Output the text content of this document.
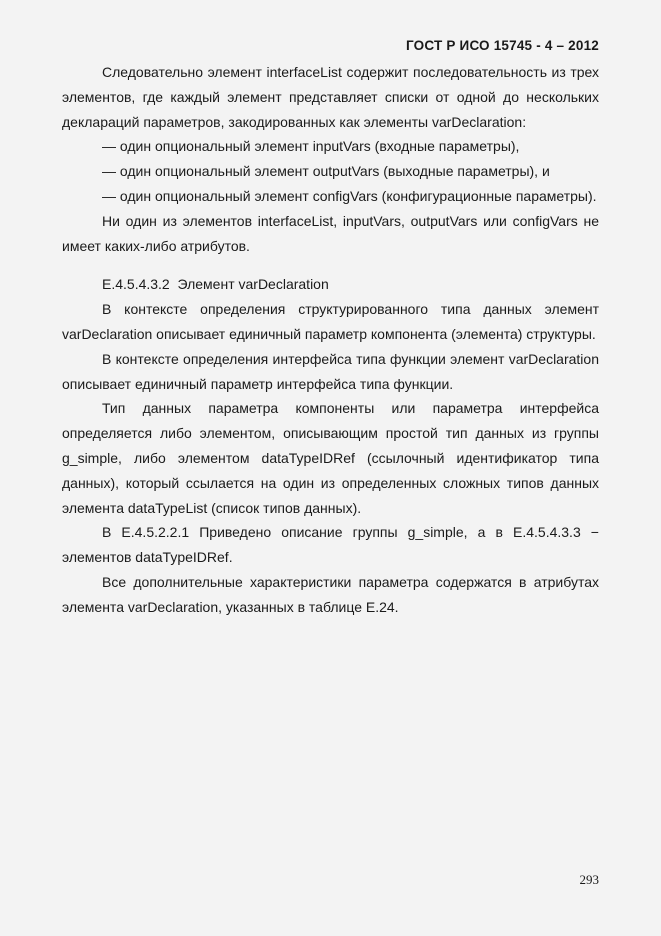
ГОСТ Р ИСО 15745 - 4 – 2012

Следовательно элемент interfaceList содержит последовательность из трех элементов, где каждый элемент представляет списки от одной до нескольких деклараций параметров, закодированных как элементы varDeclaration:

— один опциональный элемент inputVars (входные параметры),

— один опциональный элемент outputVars (выходные параметры), и

— один опциональный элемент configVars (конфигурационные параметры).

Ни один из элементов interfaceList, inputVars, outputVars или configVars не имеет каких-либо атрибутов.

Е.4.5.4.3.2 Элемент varDeclaration

В контексте определения структурированного типа данных элемент varDeclaration описывает единичный параметр компонента (элемента) структуры.

В контексте определения интерфейса типа функции элемент varDeclaration описывает единичный параметр интерфейса типа функции.

Тип данных параметра компоненты или параметра интерфейса определяется либо элементом, описывающим простой тип данных из группы g_simple, либо элементом dataTypeIDRef (ссылочный идентификатор типа данных), который ссылается на один из определенных сложных типов данных элемента dataTypeList (список типов данных).

В Е.4.5.2.2.1 Приведено описание группы g_simple, а в Е.4.5.4.3.3 − элементов dataTypeIDRef.

Все дополнительные характеристики параметра содержатся в атрибутах элемента varDeclaration, указанных в таблице Е.24.

293
